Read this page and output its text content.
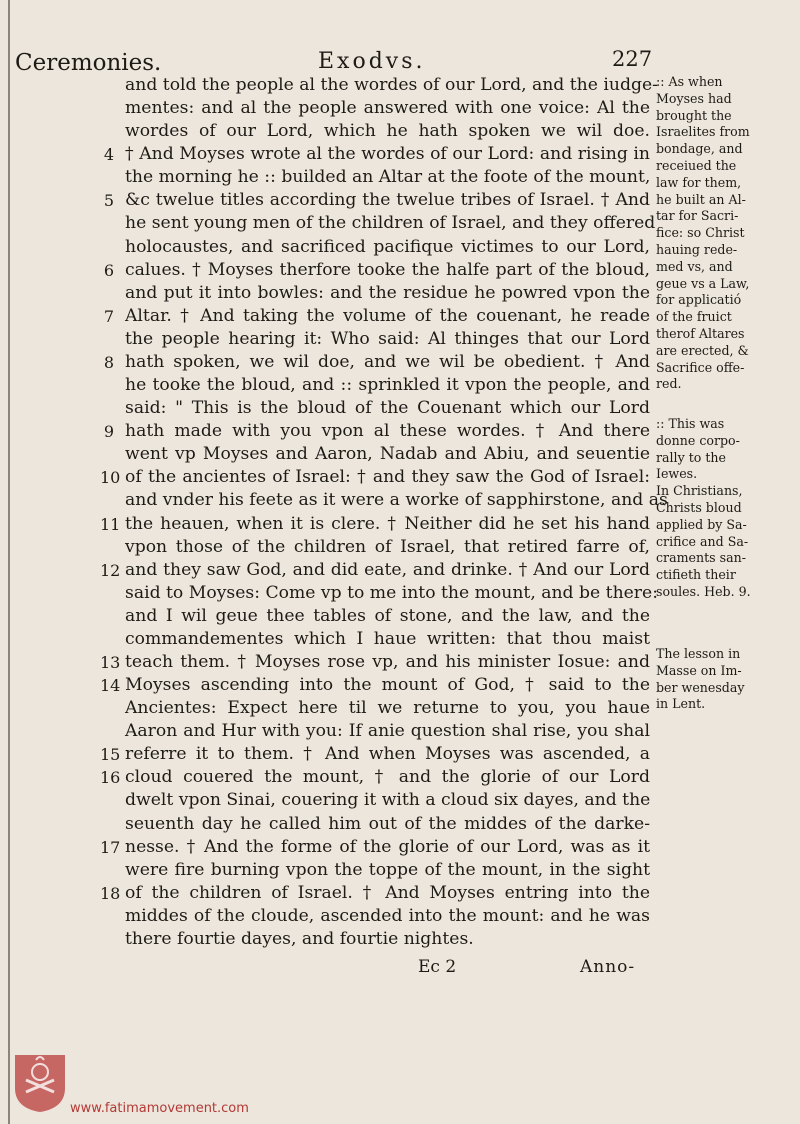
Ceremonies.	Exodvs.	227
and told the people al the wordes of our Lord, and the iudge-
mentes: and al the people answered with one voice: Al the
wordes of our Lord, which he hath spoken we wil doe.
† And Moyses wrote al the wordes of our Lord: and rising in
the morning he :: builded an Altar at the foote of the mount,
&c twelue titles according the twelue tribes of Israel. † And
he sent young men of the children of Israel, and they offered
holocaustes, and sacrificed pacifique victimes to our Lord,
calues. † Moyses therfore tooke the halfe part of the bloud,
and put it into bowles: and the residue he powred vpon the
Altar. † And taking the volume of the couenant, he reade
the people hearing it: Who said: Al thinges that our Lord
hath spoken, we wil doe, and we wil be obedient. † And
he tooke the bloud, and :: sprinkled it vpon the people, and
said: " This is the bloud of the Couenant which our Lord
hath made with you vpon al these wordes. † And there
went vp Moyses and Aaron, Nadab and Abiu, and seuentie
of the ancientes of Israel: † and they saw the God of Israel:
and vnder his feete as it were a worke of sapphirstone, and as
the heauen, when it is clere. † Neither did he set his hand
vpon those of the children of Israel, that retired farre of,
and they saw God, and did eate, and drinke. † And our Lord
said to Moyses: Come vp to me into the mount, and be there:
and I wil geue thee tables of stone, and the law, and the
commandementes which I haue written: that thou maist
teach them. † Moyses rose vp, and his minister Iosue: and
Moyses ascending into the mount of God, † said to the
Ancientes: Expect here til we returne to you, you haue
Aaron and Hur with you: If anie question shal rise, you shal
referre it to them. † And when Moyses was ascended, a
cloud couered the mount, † and the glorie of our Lord
dwelt vpon Sinai, couering it with a cloud six dayes, and the
seuenth day he called him out of the middes of the darke-
nesse. † And the forme of the glorie of our Lord, was as it
were fire burning vpon the toppe of the mount, in the sight
of the children of Israel. † And Moyses entring into the
middes of the cloude, ascended into the mount: and he was
there fourtie dayes, and fourtie nightes.
4
5
6
7
8
9
10
11
12
13
14
15
16
17
18
:: As when
Moyses had
brought the
Israelites from
bondage, and
receiued the
law for them,
he built an Al-
tar for Sacri-
fice: so Christ
hauing rede-
med vs, and
geue vs a Law,
for applicatió
of the fruict
therof Altares
are erected, &
Sacrifice offe-
red.
:: This was
donne corpo-
rally to the
Iewes.
In Christians,
Christs bloud
applied by Sa-
crifice and Sa-
craments san-
ctifieth their
soules. Heb. 9.
The lesson in
Masse on Im-
ber wenesday
in Lent.
Ec 2	Anno-
www.fatimamovement.com
